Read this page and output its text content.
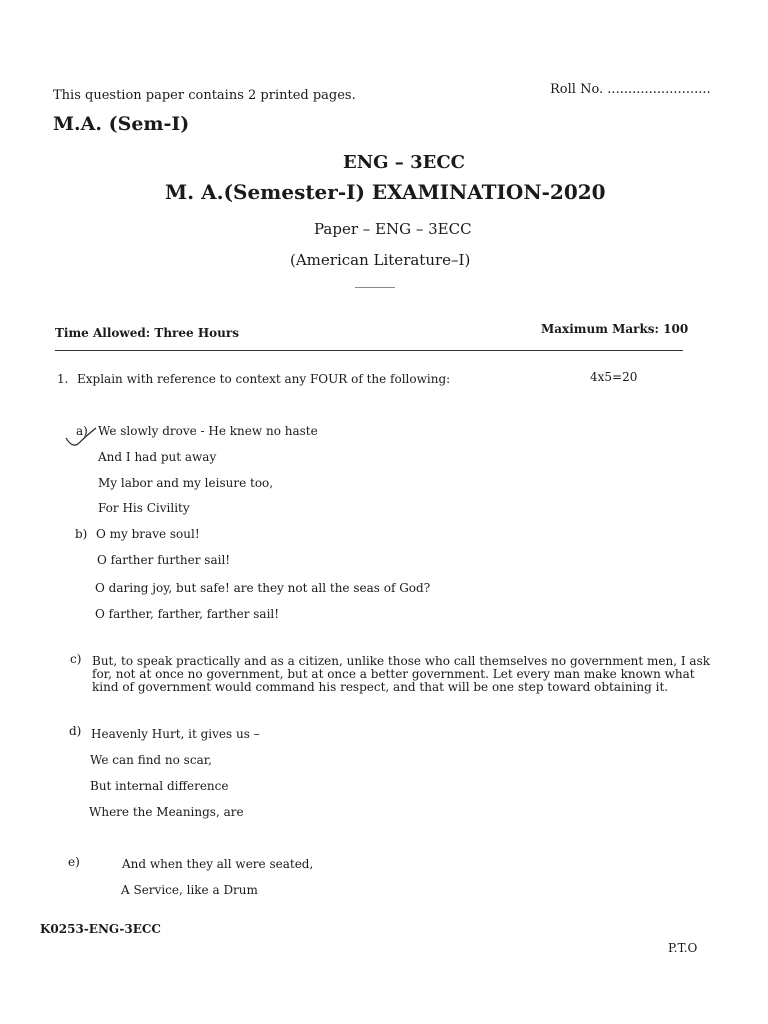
This question paper contains 2 printed pages.	Roll No. .........................
M.A. (Sem-I)
ENG – 3ECC
M. A.(Semester-I) EXAMINATION-2020
Paper – ENG – 3ECC
(American Literature–I)
Time Allowed: Three Hours	Maximum Marks: 100
1. Explain with reference to context any FOUR of the following:	4x5=20
a) We slowly drove - He knew no haste
And I had put away
My labor and my leisure too,
For His Civility
b) O my brave soul!
O farther further sail!
O daring joy, but safe! are they not all the seas of God?
O farther, farther, farther sail!
c) But, to speak practically and as a citizen, unlike those who call themselves no government men, I ask for, not at once no government, but at once a better government. Let every man make known what kind of government would command his respect, and that will be one step toward obtaining it.
d) Heavenly Hurt, it gives us –
We can find no scar,
But internal difference
Where the Meanings, are
e)	And when they all were seated,
A Service, like a Drum
K0253-ENG-3ECC
P.T.O
